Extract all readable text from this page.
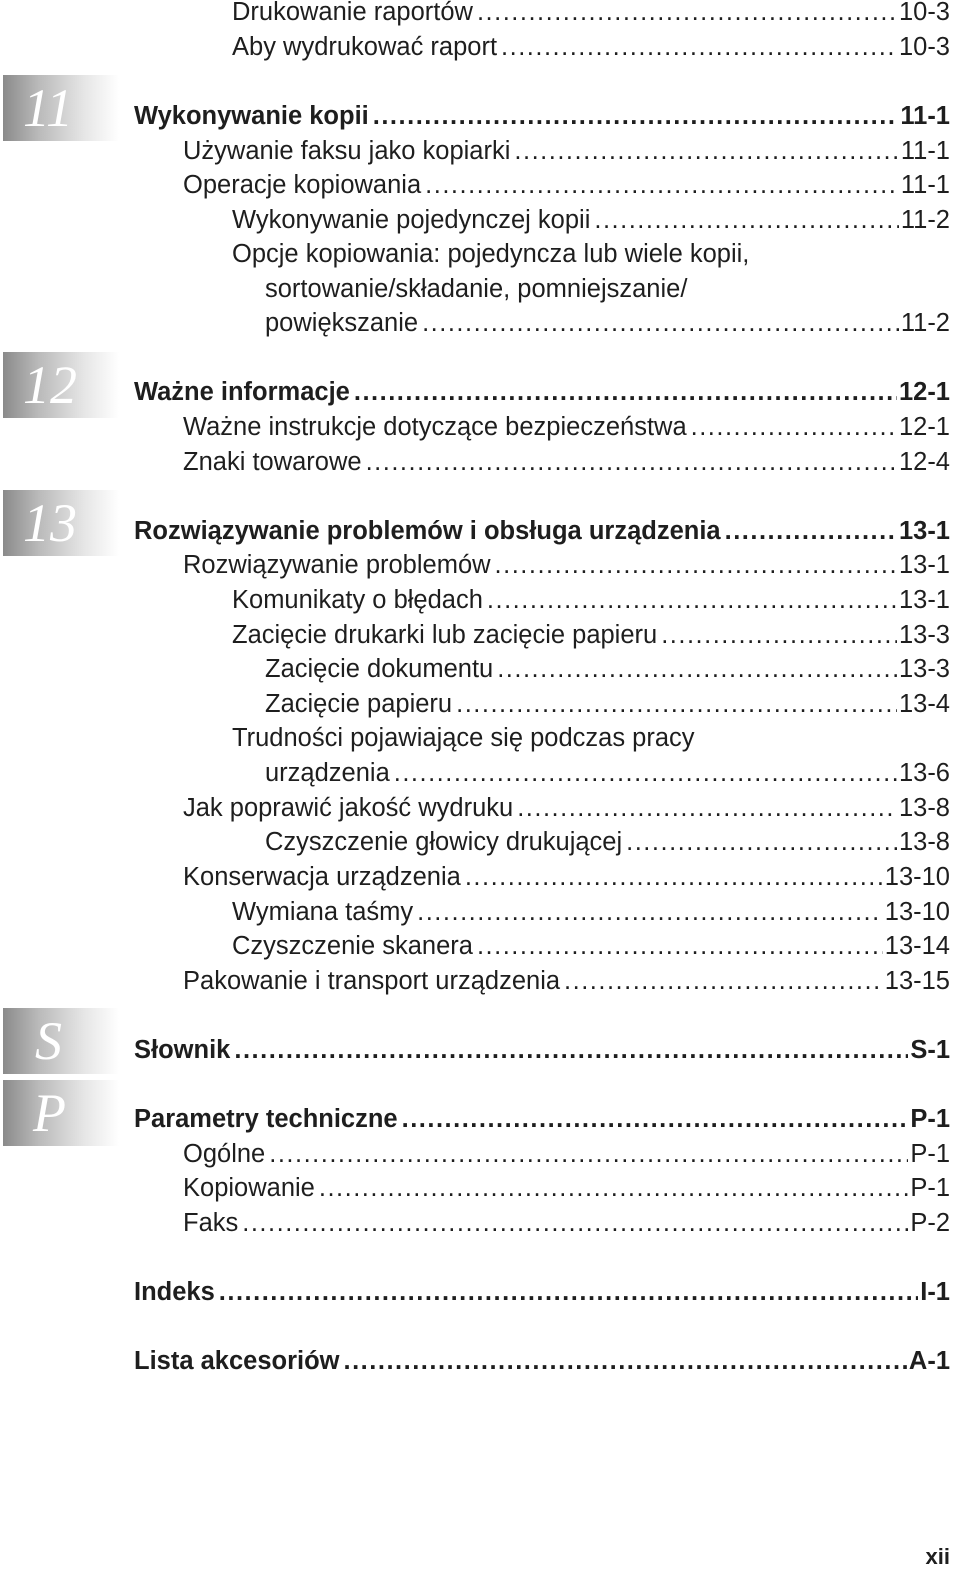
11
12
13
S
P
Drukowanie raportów .....	10-3
Aby wydrukować raport .....	10-3
Wykonywanie kopii .....	11-1
Używanie faksu jako kopiarki .....	11-1
Operacje kopiowania .....	11-1
Wykonywanie pojedynczej kopii .....	11-2
Opcje kopiowania: pojedyncza lub wiele kopii,
sortowanie/składanie, pomniejszanie/
powiększanie .....	11-2
Ważne informacje .....	12-1
Ważne instrukcje dotyczące bezpieczeństwa .....	12-1
Znaki towarowe .....	12-4
Rozwiązywanie problemów i obsługa urządzenia .....	13-1
Rozwiązywanie problemów .....	13-1
Komunikaty o błędach .....	13-1
Zacięcie drukarki lub zacięcie papieru .....	13-3
Zacięcie dokumentu .....	13-3
Zacięcie papieru .....	13-4
Trudności pojawiające się podczas pracy
urządzenia .....	13-6
Jak poprawić jakość wydruku .....	13-8
Czyszczenie głowicy drukującej .....	13-8
Konserwacja urządzenia .....	13-10
Wymiana taśmy .....	13-10
Czyszczenie skanera .....	13-14
Pakowanie i transport urządzenia .....	13-15
Słownik .....	S-1
Parametry techniczne .....	P-1
Ogólne .....	P-1
Kopiowanie .....	P-1
Faks .....	P-2
Indeks .....	I-1
Lista akcesoriów .....	A-1
xii
